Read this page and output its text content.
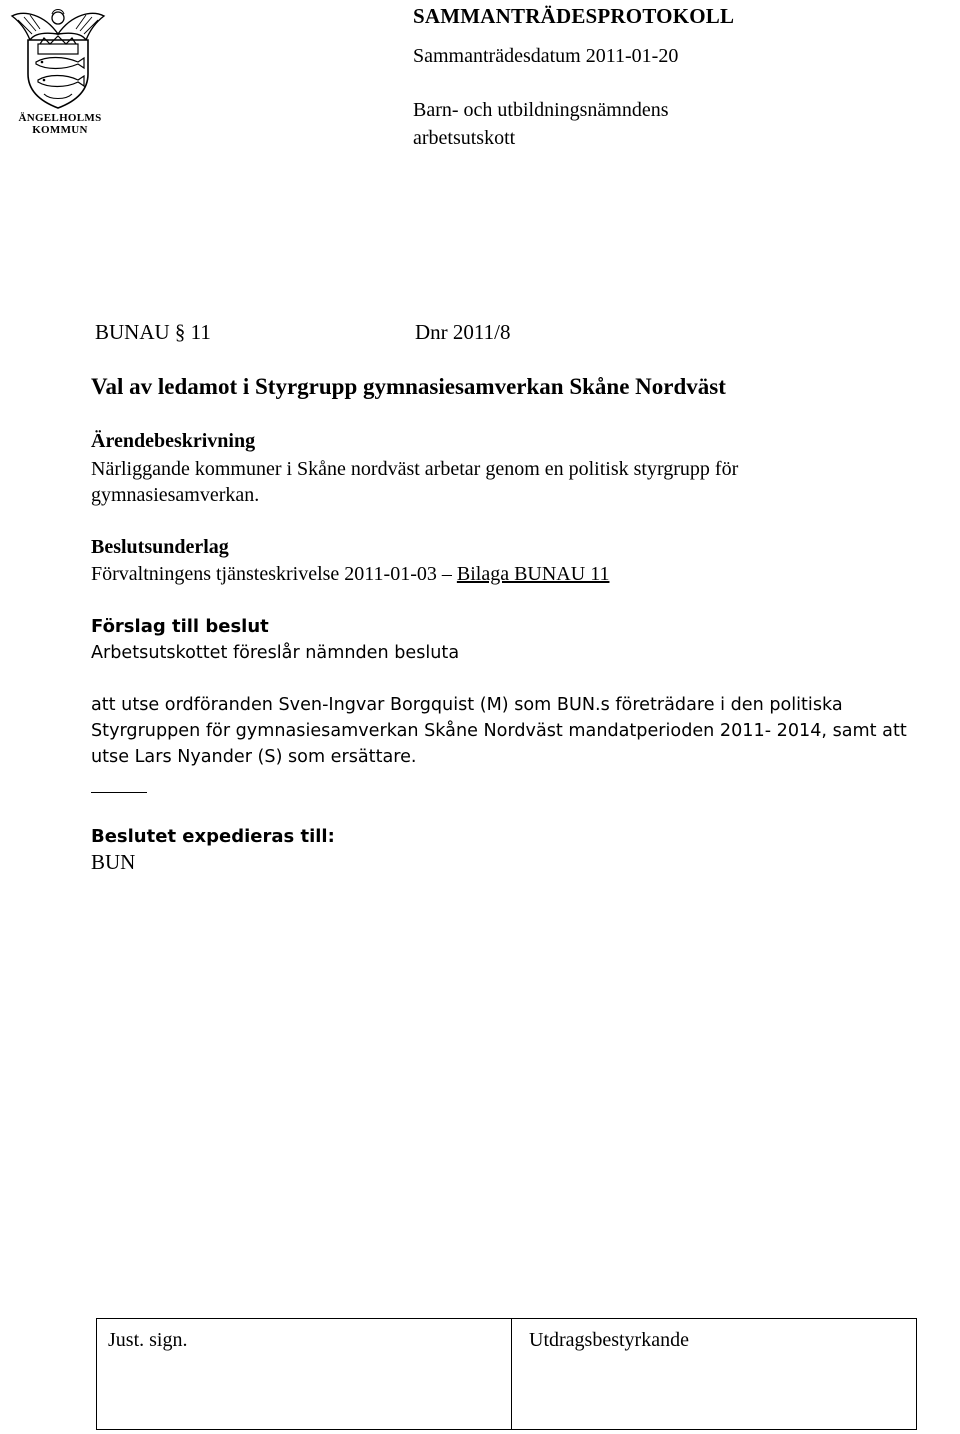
ÄNGELHOLMS
KOMMUN
SAMMANTRÄDESPROTOKOLL
Sammanträdesdatum 2011-01-20
Barn- och utbildningsnämndens
arbetsutskott
BUNAU § 11	Dnr 2011/8
Val av ledamot i Styrgrupp gymnasiesamverkan Skåne Nordväst
Ärendebeskrivning
Närliggande kommuner i Skåne nordväst arbetar genom en politisk styrgrupp för
gymnasiesamverkan.
Beslutsunderlag
Förvaltningens tjänsteskrivelse 2011-01-03 – Bilaga BUNAU 11
Förslag till beslut
Arbetsutskottet föreslår nämnden besluta
att utse ordföranden Sven-Ingvar Borgquist (M) som BUN.s företrädare i den politiska
Styrgruppen för gymnasiesamverkan Skåne Nordväst mandatperioden 2011- 2014, samt att
utse Lars Nyander (S) som ersättare.
Beslutet expedieras till:
BUN
Just. sign.	Utdragsbestyrkande
